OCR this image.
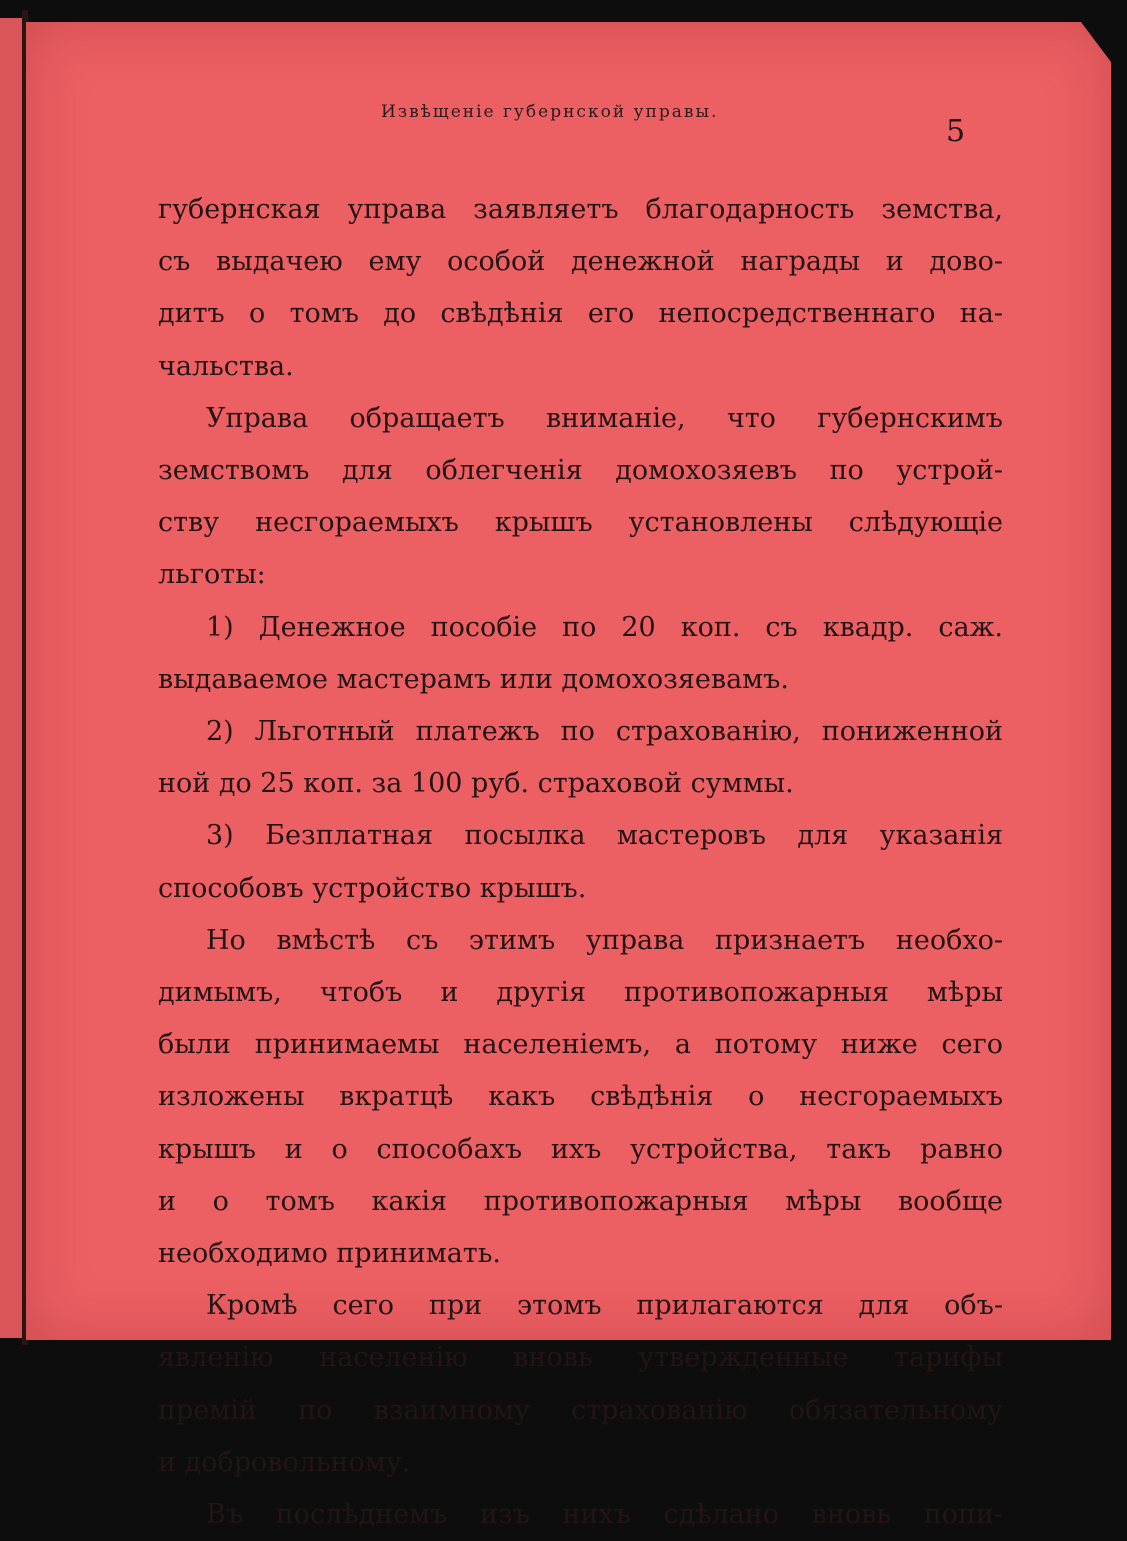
Извѣщеніе губернской управы.
5
губернская управа заявляетъ благодарность земства,
съ выдачею ему особой денежной награды и дово-
дитъ о томъ до свѣдѣнія его непосредственнаго на-
чальства.
Управа обращаетъ вниманіе, что губернскимъ
земствомъ для облегченія домохозяевъ по устрой-
ству несгораемыхъ крышъ установлены слѣдующіе
льготы:
1) Денежное пособіе по 20 коп. съ квадр. саж.
выдаваемое мастерамъ или домохозяевамъ.
2) Льготный платежъ по страхованію, пониженной
ной до 25 коп. за 100 руб. страховой суммы.
3) Безплатная посылка мастеровъ для указанія
способовъ устройство крышъ.
Но вмѣстѣ съ этимъ управа признаетъ необхо-
димымъ, чтобъ и другія противопожарныя мѣры
были принимаемы населеніемъ, а потому ниже сего
изложены вкратцѣ какъ свѣдѣнія о несгораемыхъ
крышъ и о способахъ ихъ устройства, такъ равно
и о томъ какія противопожарныя мѣры вообще
необходимо принимать.
Кромѣ сего при этомъ прилагаются для объ-
явленію населенію вновь утвержденные тарифы
премій по взаимному страхованію обязательному
и добровольному.
Въ послѣднемъ изъ нихъ сдѣлано вновь попи-
